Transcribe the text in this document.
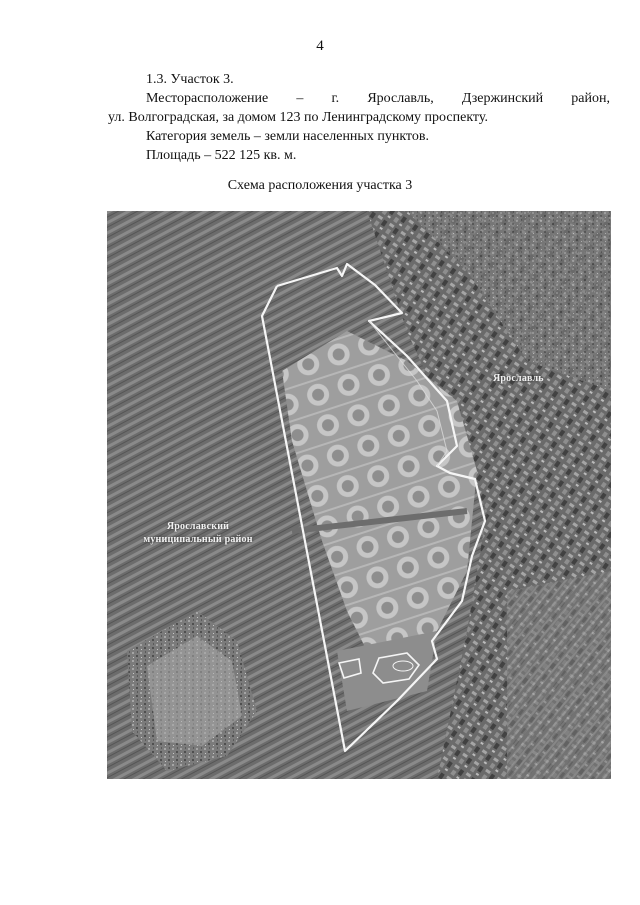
4

1.3. Участок 3.

Месторасположение – г. Ярославль, Дзержинский район,

ул. Волгоградская, за домом 123 по Ленинградскому проспекту.

Категория земель – земли населенных пунктов.

Площадь – 522 125 кв. м.

Схема расположения участка 3
Ярославский
муниципальный район
Ярославль
